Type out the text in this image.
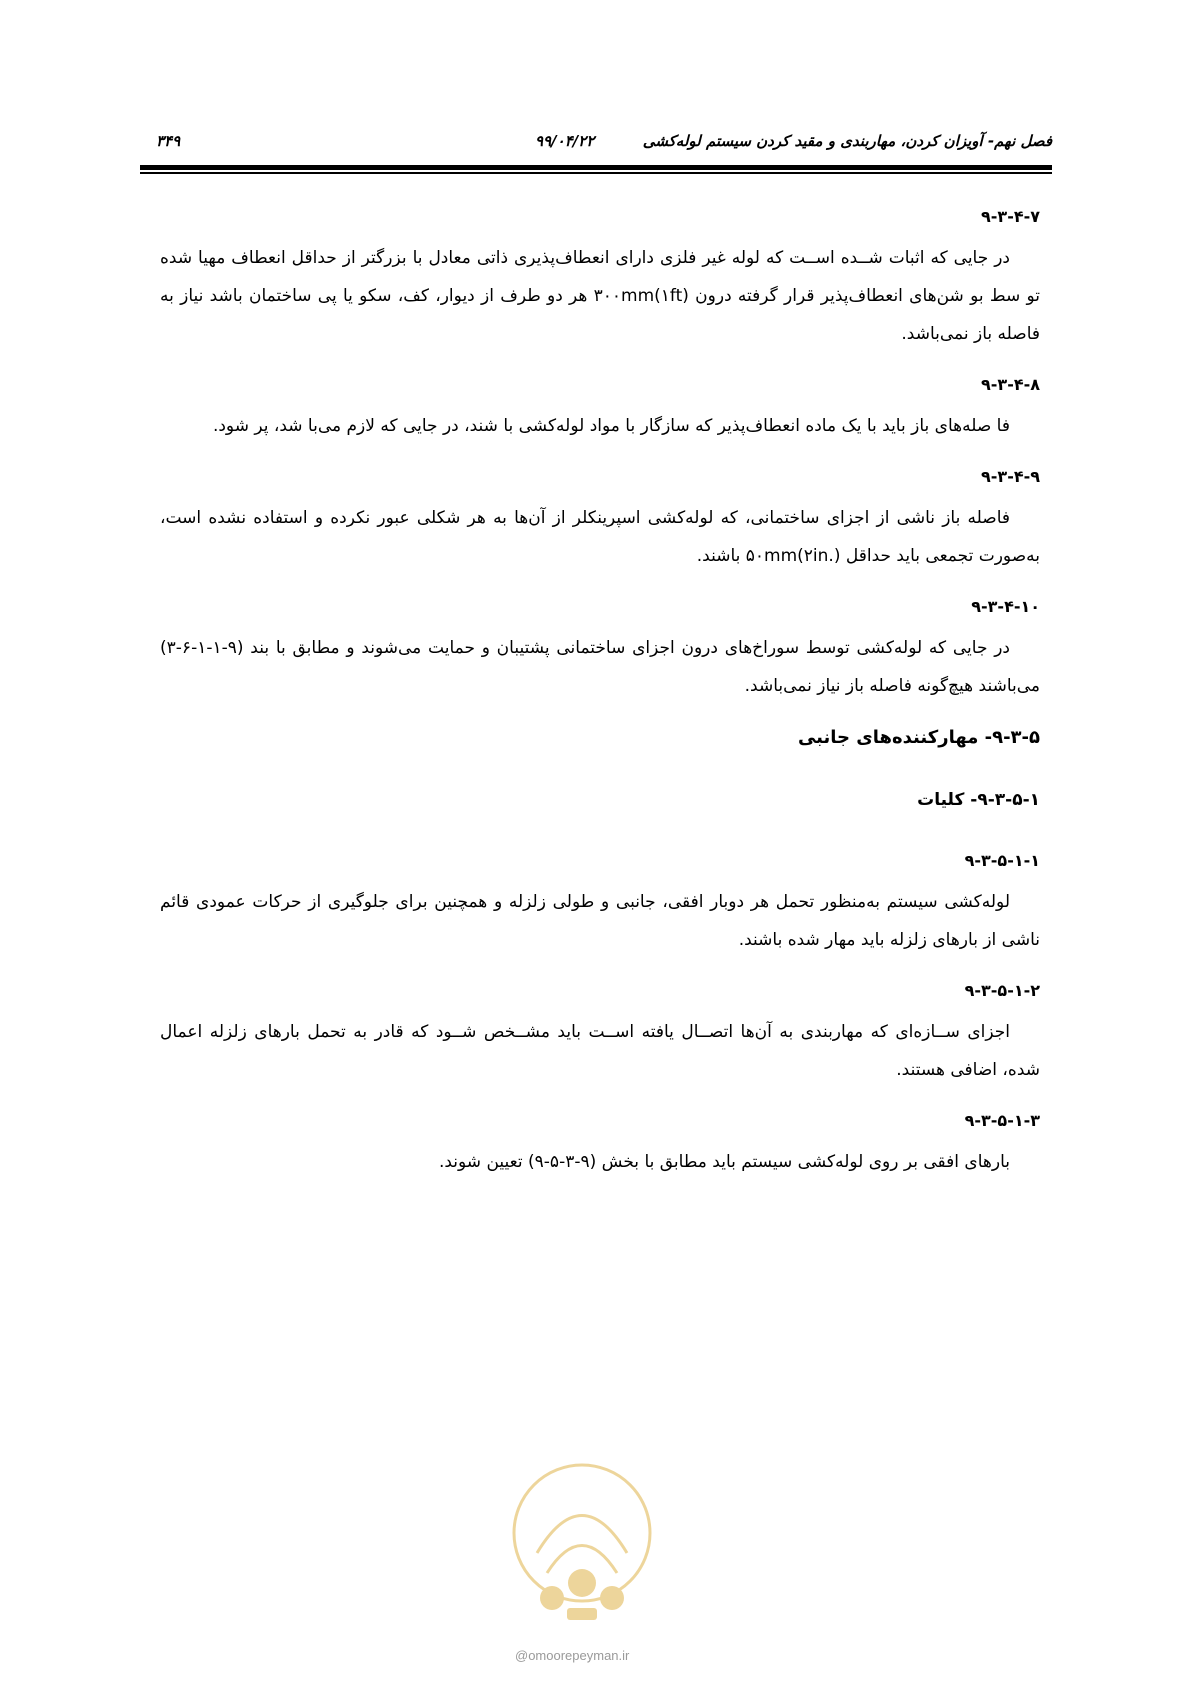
فصل نهم- آویزان کردن، مهاربندی و مقید کردن سیستم لوله‌کشی
۹۹/۰۴/۲۲
۳۴۹

۹-۳-۴-۷

در جایی که اثبات شــده اســت که لوله غیر فلزی دارای انعطاف‌پذیری ذاتی معادل با بزرگتر از حداقل انعطاف مهیا شده تو سط بو شن‌های انعطاف‌پذیر قرار گرفته درون ۳۰۰mm(۱ft) هر دو طرف از دیوار، کف، سکو یا پی ساختمان باشد نیاز به فاصله باز نمی‌باشد.

۹-۳-۴-۸

فا صله‌های باز باید با یک ماده انعطاف‌پذیر که سازگار با مواد لوله‌کشی با شند، در جایی که لازم می‌با شد، پر شود.

۹-۳-۴-۹

فاصله باز ناشی از اجزای ساختمانی، که لوله‌کشی اسپرینکلر از آن‌ها به هر شکلی عبور نکرده و استفاده نشده است، به‌صورت تجمعی باید حداقل ۵۰mm(۲in.) باشند.

۹-۳-۴-۱۰

در جایی که لوله‌کشی توسط سوراخ‌های درون اجزای ساختمانی پشتیبان و حمایت می‌شوند و مطابق با بند (۹-۱-۱-۶-۳) می‌باشند هیچ‌گونه فاصله باز نیاز نمی‌باشد.

۹-۳-۵- مهارکننده‌های جانبی

۹-۳-۵-۱- کلیات

۹-۳-۵-۱-۱

لوله‌کشی سیستم به‌منظور تحمل هر دوبار افقی، جانبی و طولی زلزله و همچنین برای جلوگیری از حرکات عمودی قائم ناشی از بارهای زلزله باید مهار شده باشند.

۹-۳-۵-۱-۲

اجزای ســازه‌ای که مهاربندی به آن‌ها اتصــال یافته اســت باید مشــخص شــود که قادر به تحمل بارهای زلزله اعمال شده، اضافی هستند.

۹-۳-۵-۱-۳

بارهای افقی بر روی لوله‌کشی سیستم باید مطابق با بخش (۹-۳-۵-۹) تعیین شوند.

@omoorepeyman.ir
